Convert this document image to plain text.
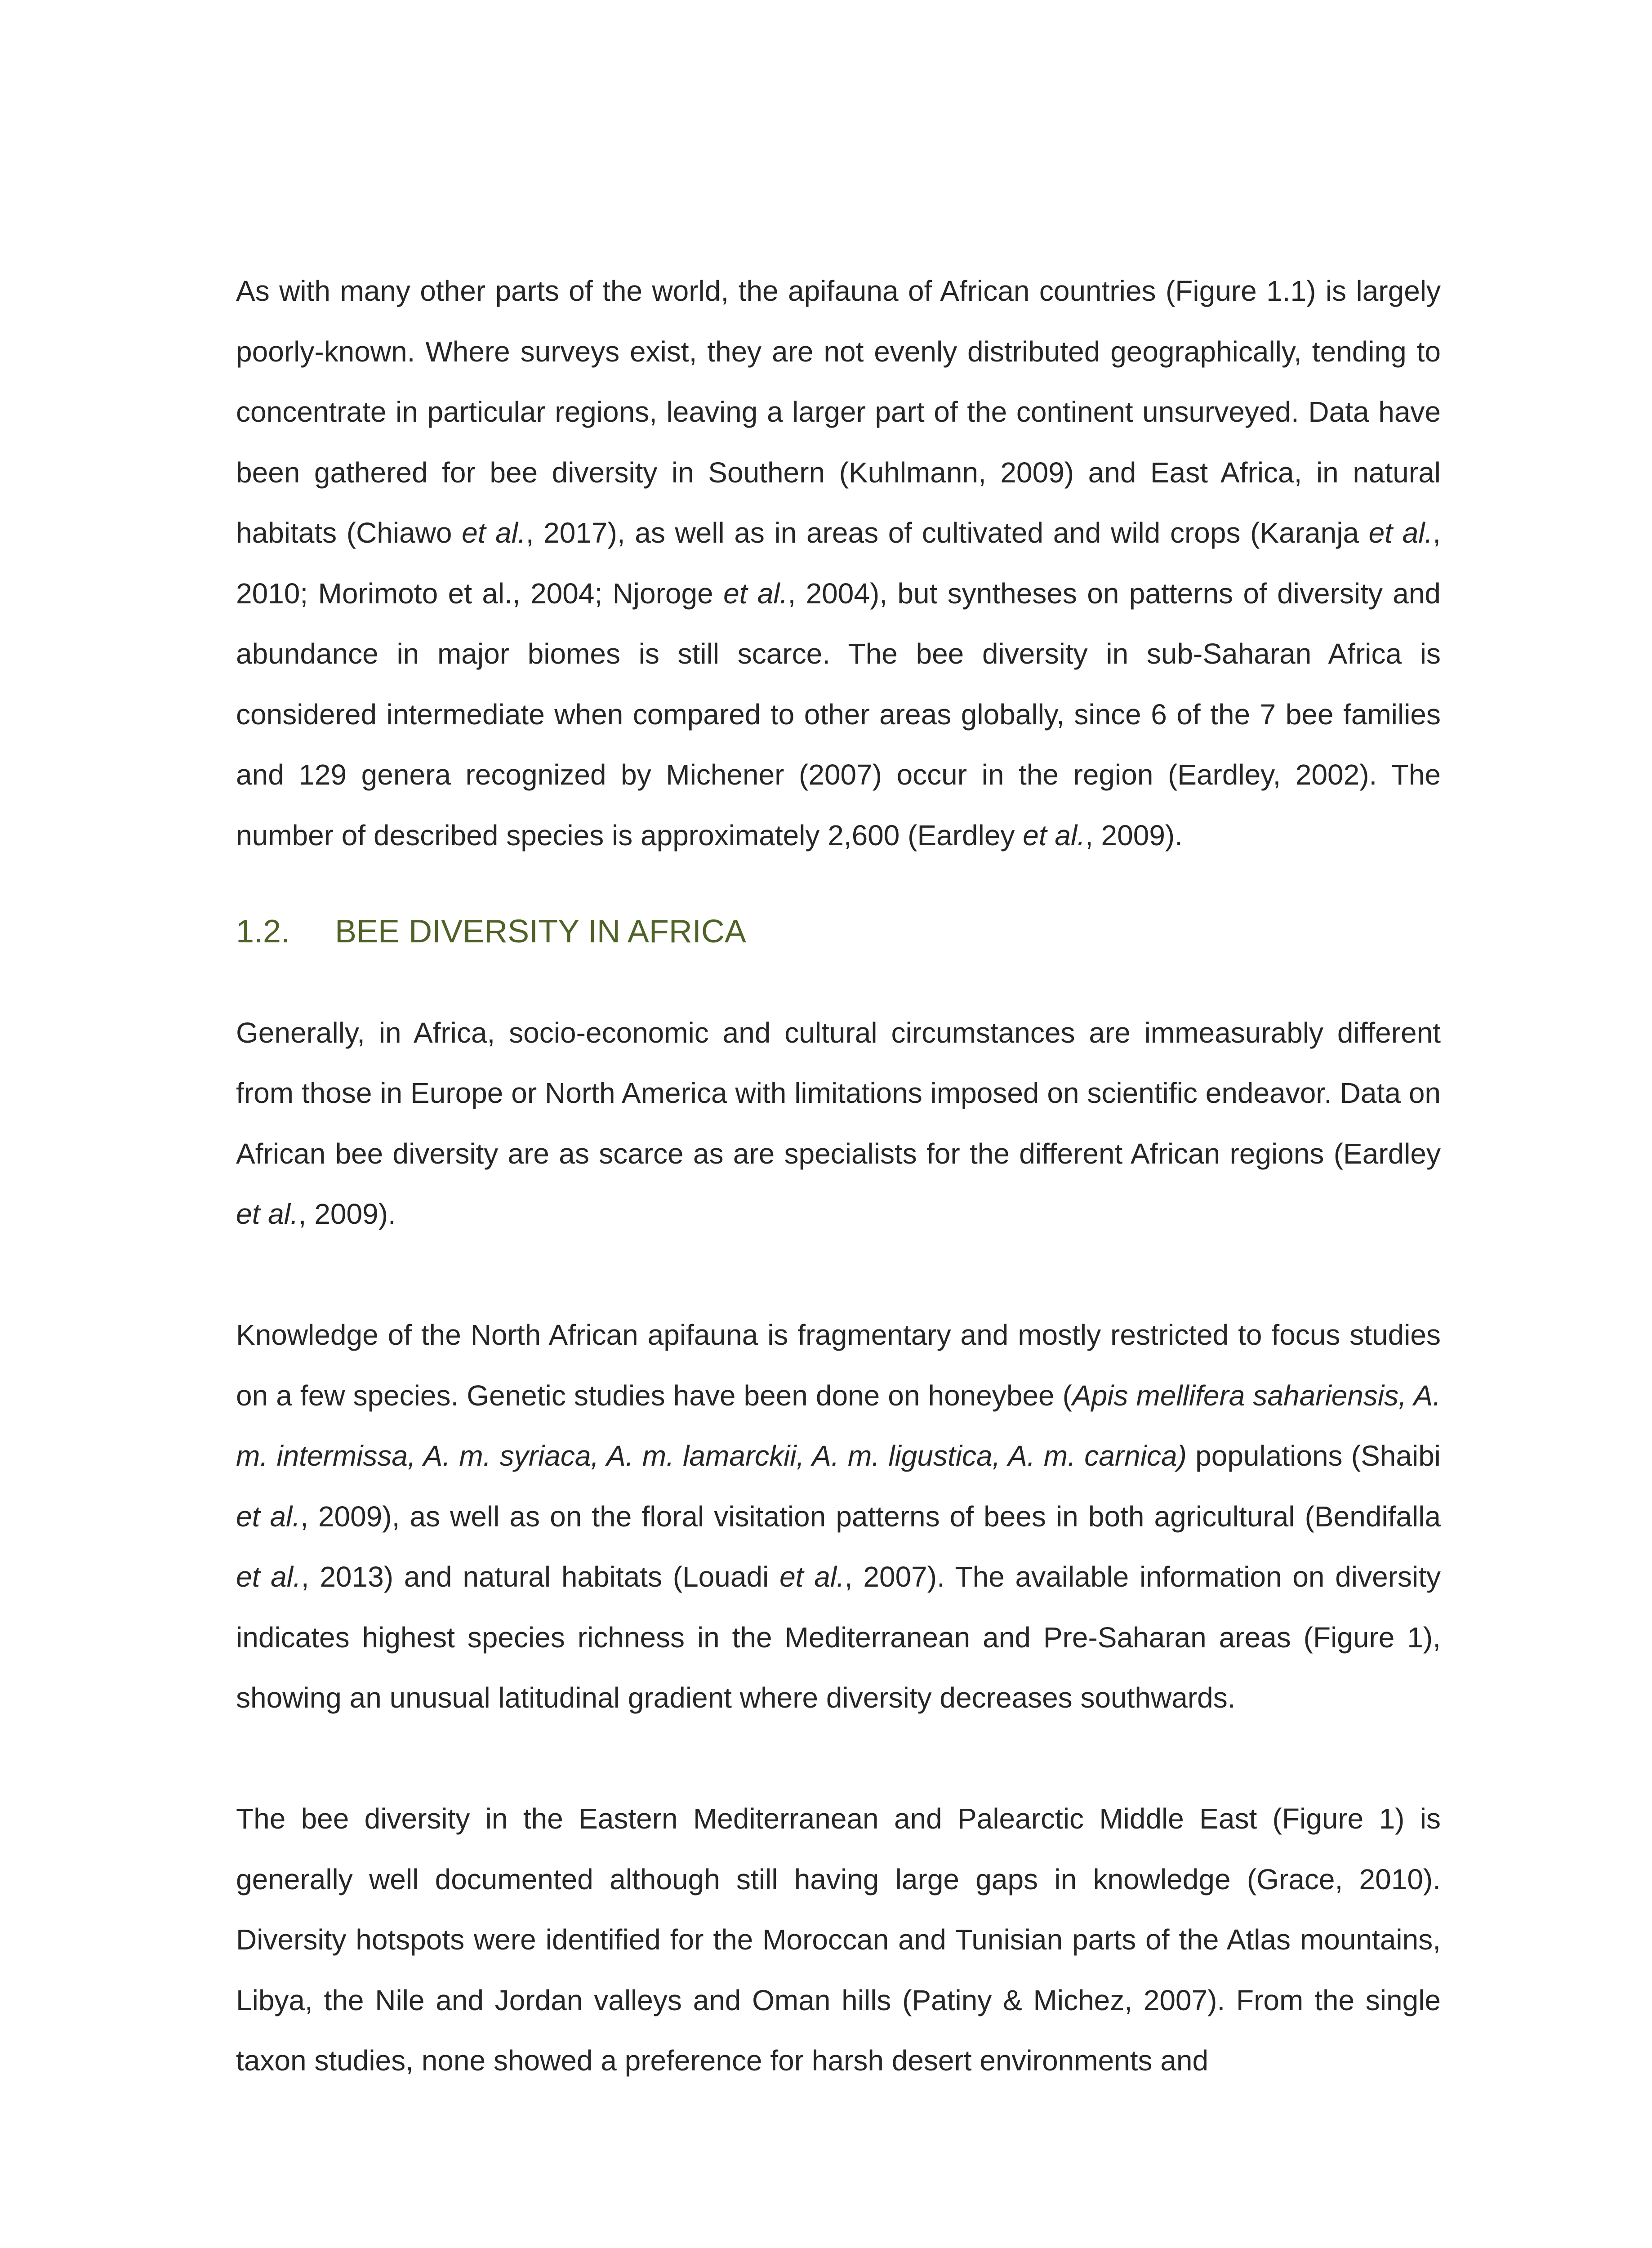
As with many other parts of the world, the apifauna of African countries (Figure 1.1) is largely poorly-known. Where surveys exist, they are not evenly distributed geographically, tending to concentrate in particular regions, leaving a larger part of the continent unsurveyed. Data have been gathered for bee diversity in Southern (Kuhlmann, 2009) and East Africa, in natural habitats (Chiawo et al., 2017), as well as in areas of cultivated and wild crops (Karanja et al., 2010; Morimoto et al., 2004; Njoroge et al., 2004), but syntheses on patterns of diversity and abundance in major biomes is still scarce. The bee diversity in sub-Saharan Africa is considered intermediate when compared to other areas globally, since 6 of the 7 bee families and 129 genera recognized by Michener (2007) occur in the region (Eardley, 2002). The number of described species is approximately 2,600 (Eardley et al., 2009).

1.2.	BEE DIVERSITY IN AFRICA

Generally, in Africa, socio-economic and cultural circumstances are immeasurably different from those in Europe or North America with limitations imposed on scientific endeavor. Data on African bee diversity are as scarce as are specialists for the different African regions (Eardley et al., 2009).

Knowledge of the North African apifauna is fragmentary and mostly restricted to focus studies on a few species. Genetic studies have been done on honeybee (Apis mellifera sahariensis, A. m. intermissa, A. m. syriaca, A. m. lamarckii, A. m. ligustica, A. m. carnica) populations (Shaibi et al., 2009), as well as on the floral visitation patterns of bees in both agricultural (Bendifalla et al., 2013) and natural habitats (Louadi et al., 2007). The available information on diversity indicates highest species richness in the Mediterranean and Pre-Saharan areas (Figure 1), showing an unusual latitudinal gradient where diversity decreases southwards.

The bee diversity in the Eastern Mediterranean and Palearctic Middle East (Figure 1) is generally well documented although still having large gaps in knowledge (Grace, 2010). Diversity hotspots were identified for the Moroccan and Tunisian parts of the Atlas mountains, Libya, the Nile and Jordan valleys and Oman hills (Patiny & Michez, 2007). From the single taxon studies, none showed a preference for harsh desert environments and
